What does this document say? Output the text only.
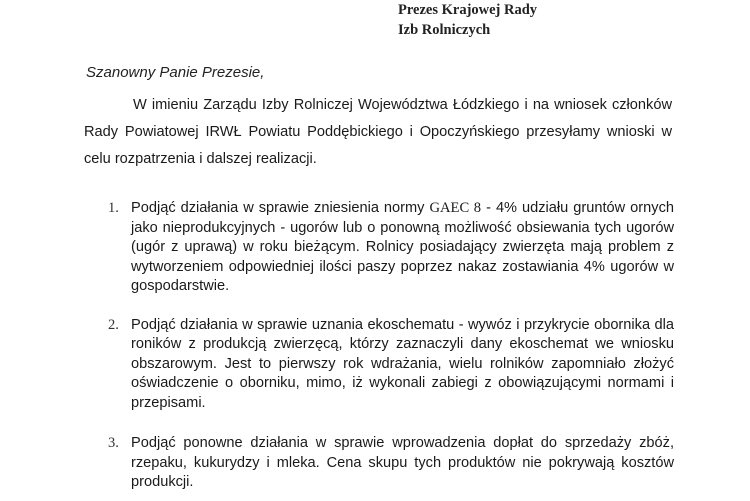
Prezes Krajowej Rady
Izb Rolniczych
Szanowny Panie Prezesie,

W imieniu Zarządu Izby Rolniczej Województwa Łódzkiego i na wniosek członków Rady Powiatowej IRWŁ Powiatu Poddębickiego i Opoczyńskiego przesyłamy wnioski w celu rozpatrzenia i dalszej realizacji.

1. Podjąć działania w sprawie zniesienia normy GAEC 8 - 4% udziału gruntów ornych jako nieprodukcyjnych - ugorów lub o ponowną możliwość obsiewania tych ugorów (ugór z uprawą) w roku bieżącym. Rolnicy posiadający zwierzęta mają problem z wytworzeniem odpowiedniej ilości paszy poprzez nakaz zostawiania 4% ugorów w gospodarstwie.
2. Podjąć działania w sprawie uznania ekoschematu - wywóz i przykrycie obornika dla roników z produkcją zwierzęcą, którzy zaznaczyli dany ekoschemat we wniosku obszarowym. Jest to pierwszy rok wdrażania, wielu rolników zapomniało złożyć oświadczenie o oborniku, mimo, iż wykonali zabiegi z obowiązującymi normami i przepisami.
3. Podjąć ponowne działania w sprawie wprowadzenia dopłat do sprzedaży zbóż, rzepaku, kukurydzy i mleka. Cena skupu tych produktów nie pokrywają kosztów produkcji.
